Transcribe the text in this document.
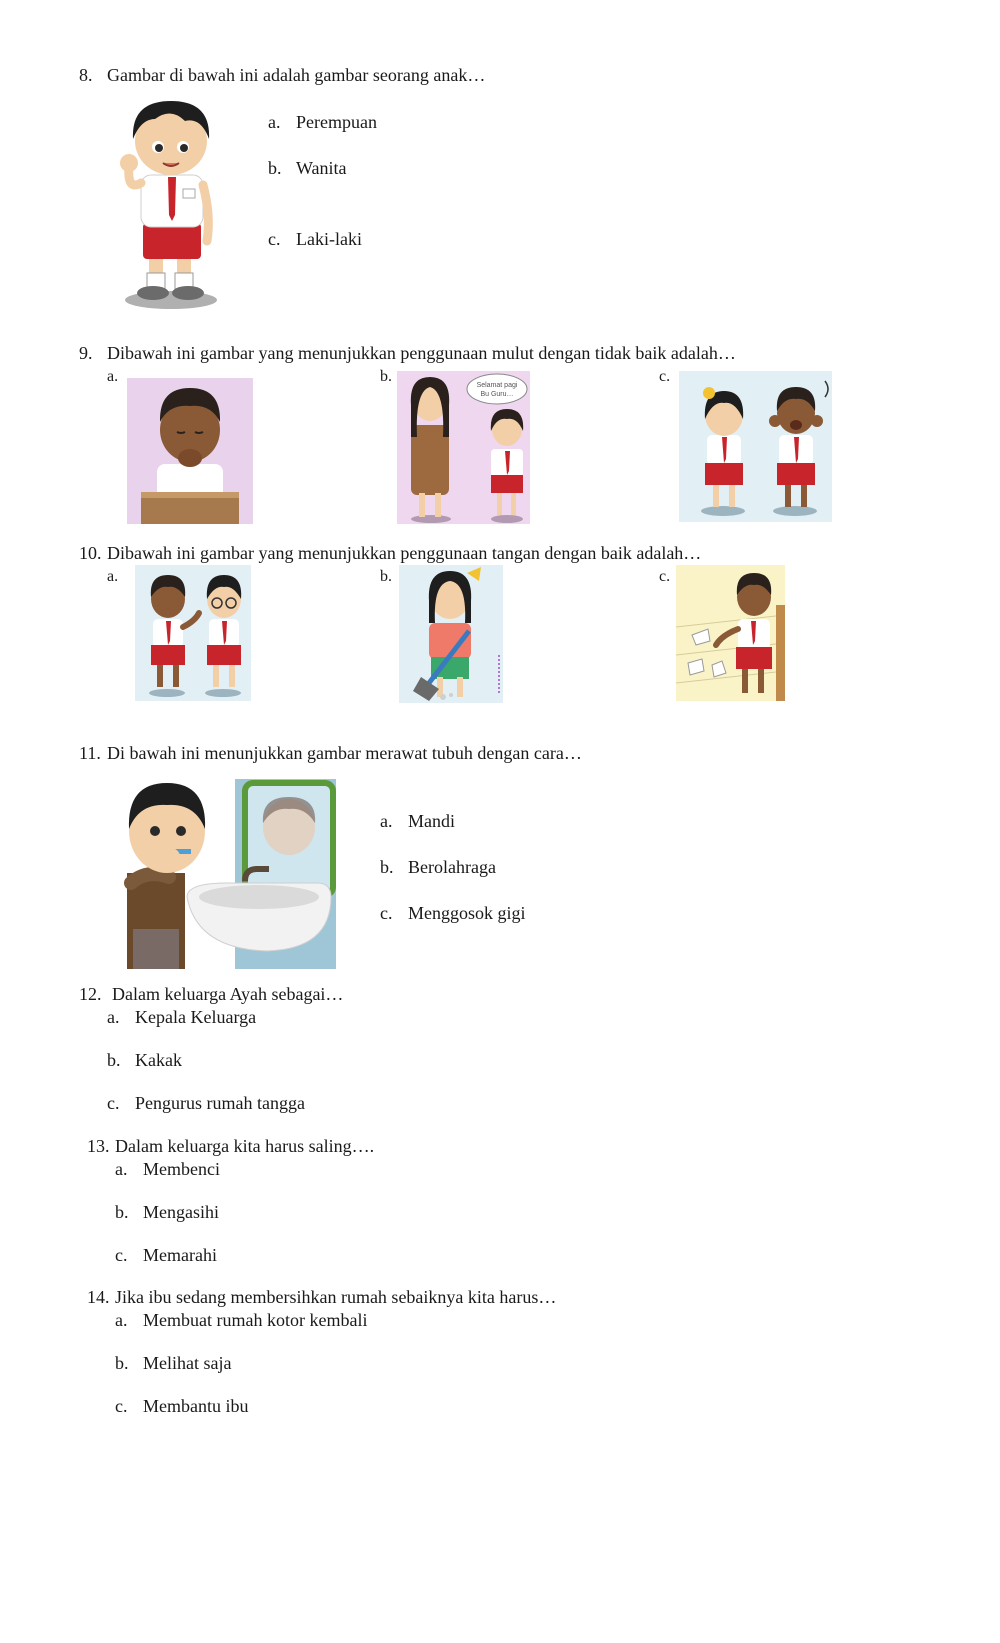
8. Gambar di bawah ini adalah gambar seorang anak…
a. Perempuan
b. Wanita
c. Laki-laki
9. Dibawah ini gambar yang menunjukkan penggunaan mulut dengan tidak baik adalah…
a.	b.
Selamat pagi
Bu Guru…
c.
10. Dibawah ini gambar yang menunjukkan penggunaan tangan dengan baik adalah…
a.	b.	c.
11. Di bawah ini menunjukkan gambar merawat tubuh dengan cara…
a. Mandi
b. Berolahraga
c. Menggosok gigi
12. Dalam keluarga Ayah sebagai…
a. Kepala Keluarga
b. Kakak
c. Pengurus rumah tangga
13. Dalam keluarga kita harus saling….
a. Membenci
b. Mengasihi
c. Memarahi
14. Jika ibu sedang membersihkan rumah sebaiknya kita harus…
a. Membuat rumah kotor kembali
b. Melihat saja
c. Membantu ibu
